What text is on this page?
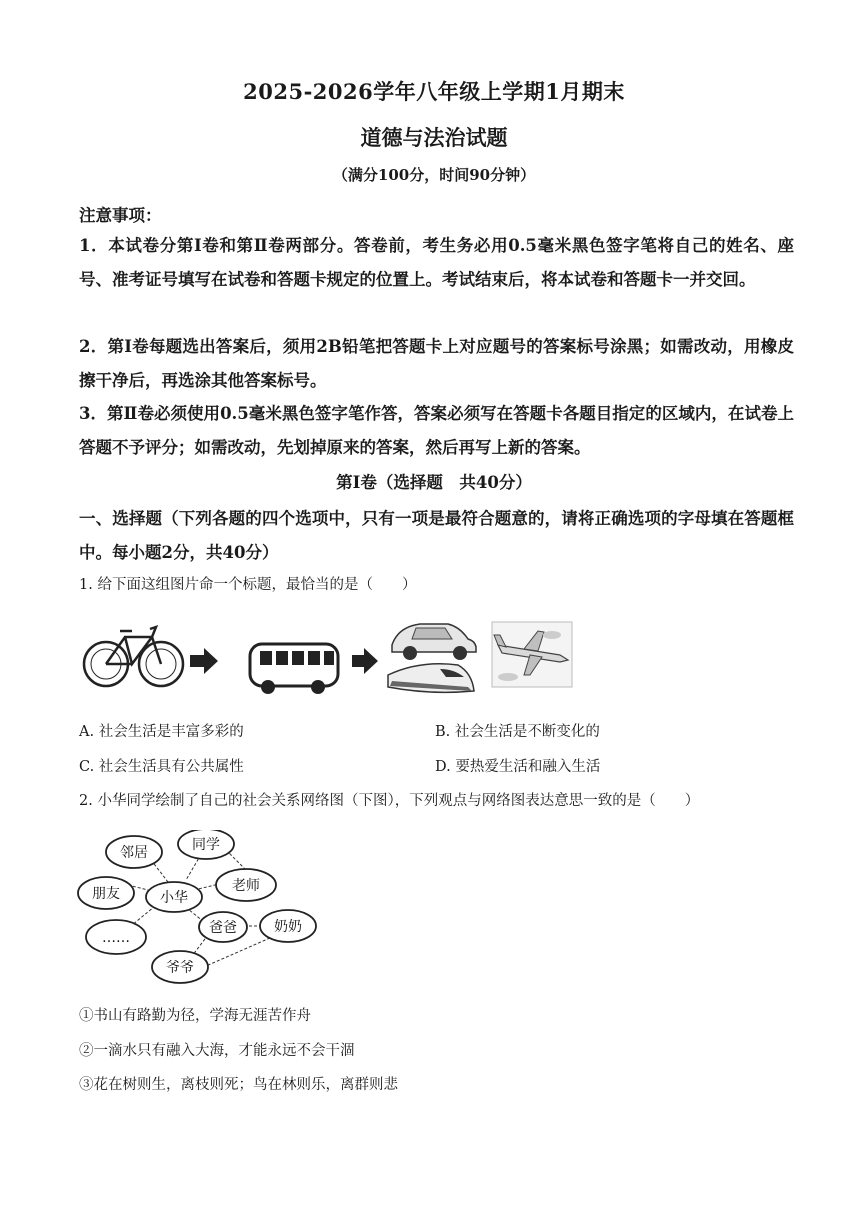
2025-2026学年八年级上学期1月期末
道德与法治试题
（满分100分，时间90分钟）
注意事项：
1．本试卷分第Ⅰ卷和第Ⅱ卷两部分。答卷前，考生务必用0.5毫米黑色签字笔将自己的姓名、座号、准考证号填写在试卷和答题卡规定的位置上。考试结束后，将本试卷和答题卡一并交回。
2．第Ⅰ卷每题选出答案后，须用2B铅笔把答题卡上对应题号的答案标号涂黑；如需改动，用橡皮擦干净后，再选涂其他答案标号。
3．第Ⅱ卷必须使用0.5毫米黑色签字笔作答，答案必须写在答题卡各题目指定的区域内，在试卷上答题不予评分；如需改动，先划掉原来的答案，然后再写上新的答案。
第Ⅰ卷（选择题　共40分）
一、选择题（下列各题的四个选项中，只有一项是最符合题意的，请将正确选项的字母填在答题框中。每小题2分，共40分）
1. 给下面这组图片命一个标题，最恰当的是（　　）
A. 社会生活是丰富多彩的	B. 社会生活是不断变化的
C. 社会生活具有公共属性	D. 要热爱生活和融入生活
2. 小华同学绘制了自己的社会关系网络图（下图），下列观点与网络图表达意思一致的是（　　）
邻居	同学
老师
朋友	小华
……
爸爸	奶奶
爷爷
①书山有路勤为径，学海无涯苦作舟
②一滴水只有融入大海，才能永远不会干涸
③花在树则生，离枝则死；鸟在林则乐，离群则悲
